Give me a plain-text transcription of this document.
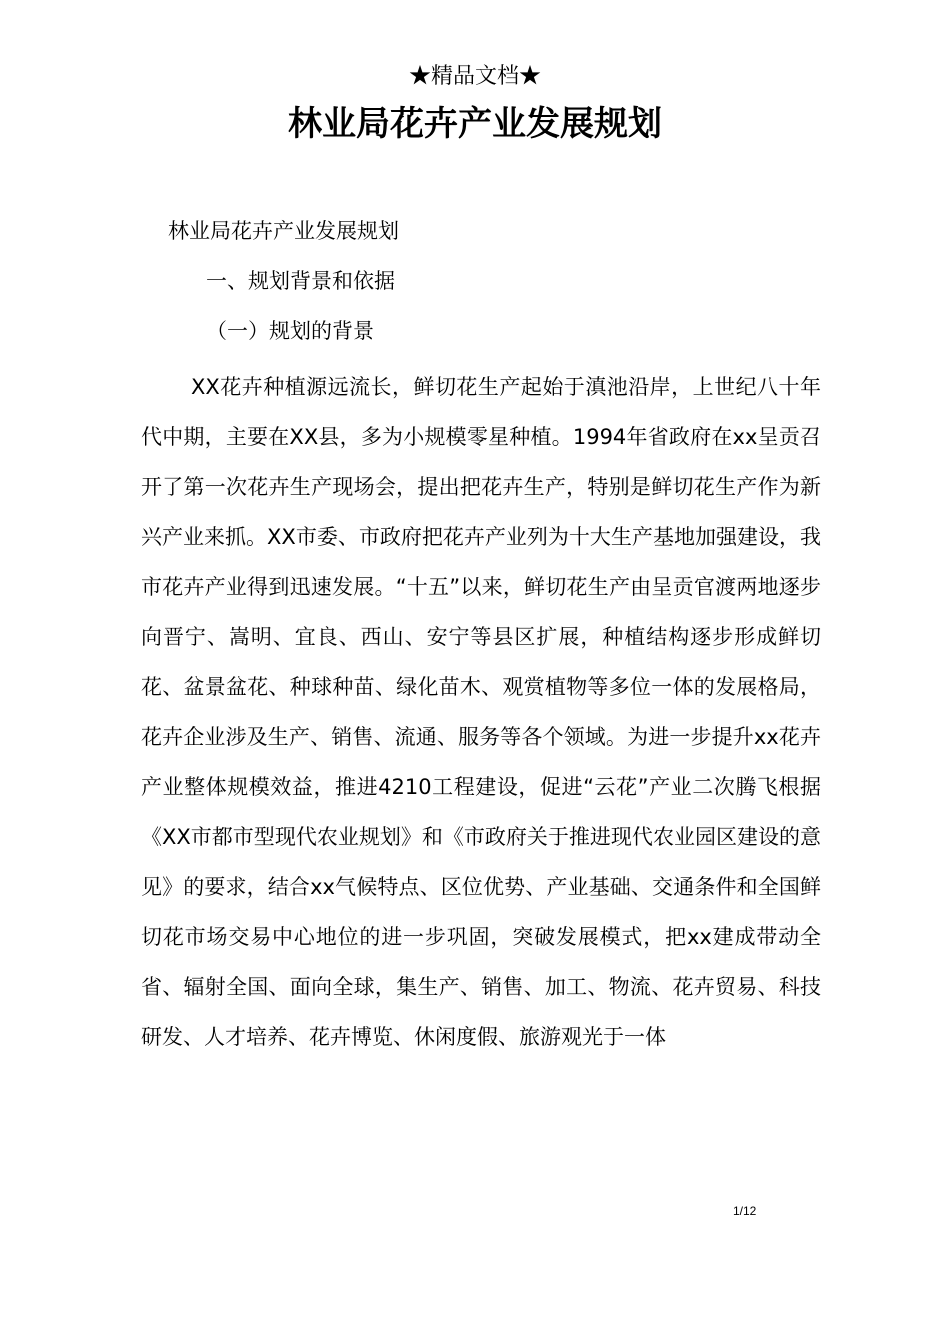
★精品文档★
林业局花卉产业发展规划
林业局花卉产业发展规划
一、规划背景和依据
（一）规划的背景
XX花卉种植源远流长，鲜切花生产起始于滇池沿岸，上世纪八十年代中期，主要在XX县，多为小规模零星种植。1994年省政府在xx呈贡召开了第一次花卉生产现场会，提出把花卉生产，特别是鲜切花生产作为新兴产业来抓。XX市委、市政府把花卉产业列为十大生产基地加强建设，我市花卉产业得到迅速发展。“十五”以来，鲜切花生产由呈贡官渡两地逐步向晋宁、嵩明、宜良、西山、安宁等县区扩展，种植结构逐步形成鲜切花、盆景盆花、种球种苗、绿化苗木、观赏植物等多位一体的发展格局，花卉企业涉及生产、销售、流通、服务等各个领域。为进一步提升xx花卉产业整体规模效益，推进4210工程建设，促进“云花”产业二次腾飞根据《XX市都市型现代农业规划》和《市政府关于推进现代农业园区建设的意见》的要求，结合xx气候特点、区位优势、产业基础、交通条件和全国鲜切花市场交易中心地位的进一步巩固，突破发展模式，把xx建成带动全省、辐射全国、面向全球，集生产、销售、加工、物流、花卉贸易、科技研发、人才培养、花卉博览、休闲度假、旅游观光于一体
1/12
